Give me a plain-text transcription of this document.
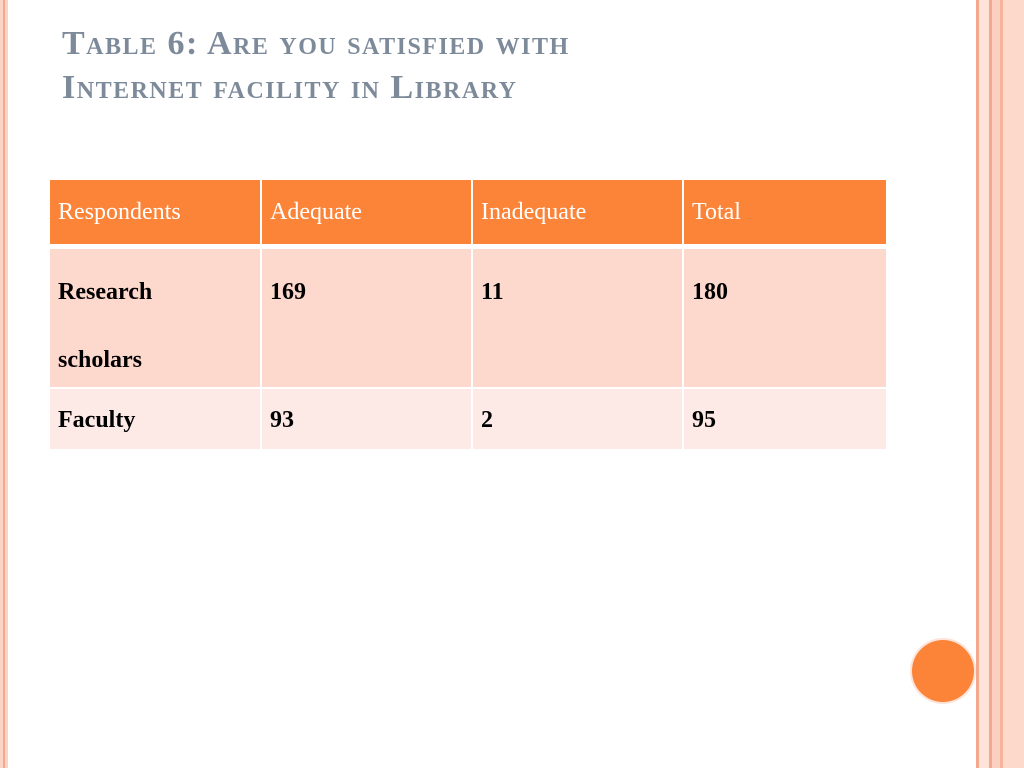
Table 6: Are you satisfied with
Internet facility in Library
Respondents	Adequate	Inadequate	Total

Research
scholars	169	11	180
Faculty	93	2	95
